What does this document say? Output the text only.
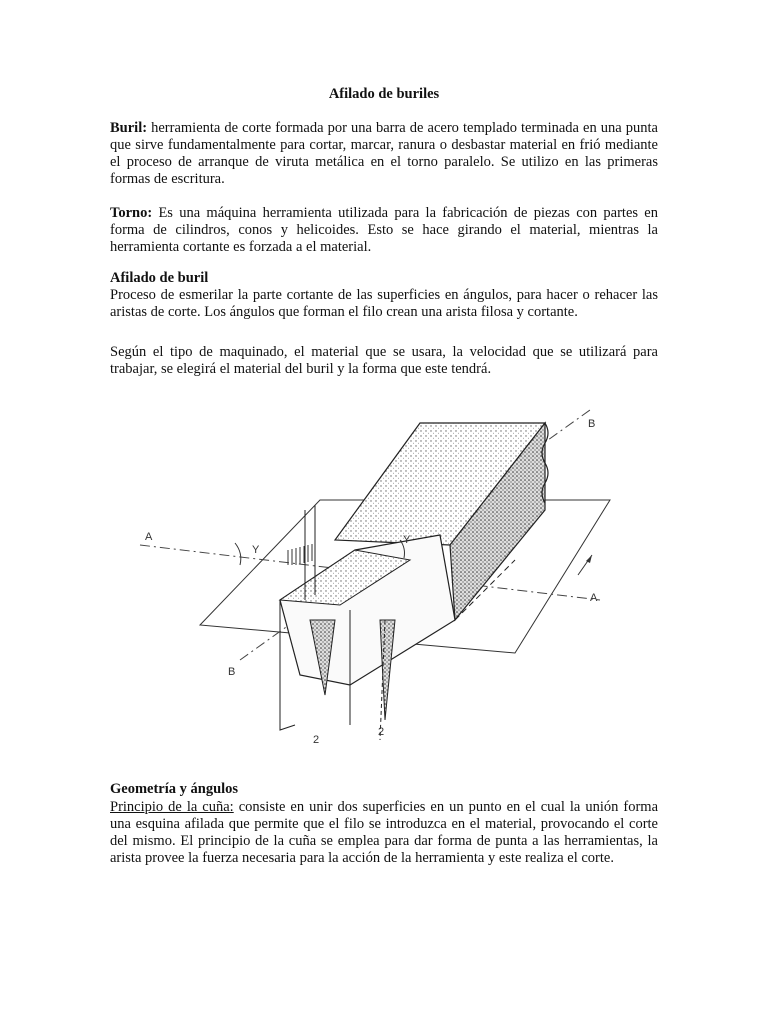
Afilado de buriles
Buril: herramienta de corte formada por una barra de acero templado terminada en una punta que sirve fundamentalmente para cortar, marcar, ranura o desbastar material en frió mediante el proceso de arranque de viruta metálica en el torno paralelo. Se utilizo en las primeras formas de escritura.
Torno: Es una máquina herramienta utilizada para la fabricación de piezas con partes en forma de cilindros, conos y helicoides. Esto se hace girando el material, mientras la herramienta cortante es forzada a el material.
Afilado de buril
Proceso de esmerilar la parte cortante de las superficies en ángulos, para hacer o rehacer las aristas de corte. Los ángulos que forman el filo crean una arista filosa y cortante.
Según el tipo de maquinado, el material que se usara, la velocidad que se utilizará para trabajar, se elegirá el material del buril y la forma que este tendrá.
A
A
B
B
Y
Y
2
2
Geometría y ángulos
Principio de la cuña: consiste en unir dos superficies en un punto en el cual la unión forma una esquina afilada que permite que el filo se introduzca en el material, provocando el corte del mismo. El principio de la cuña se emplea para dar forma de punta a las herramientas, la arista provee la fuerza necesaria para la acción de la herramienta y este realiza el corte.
